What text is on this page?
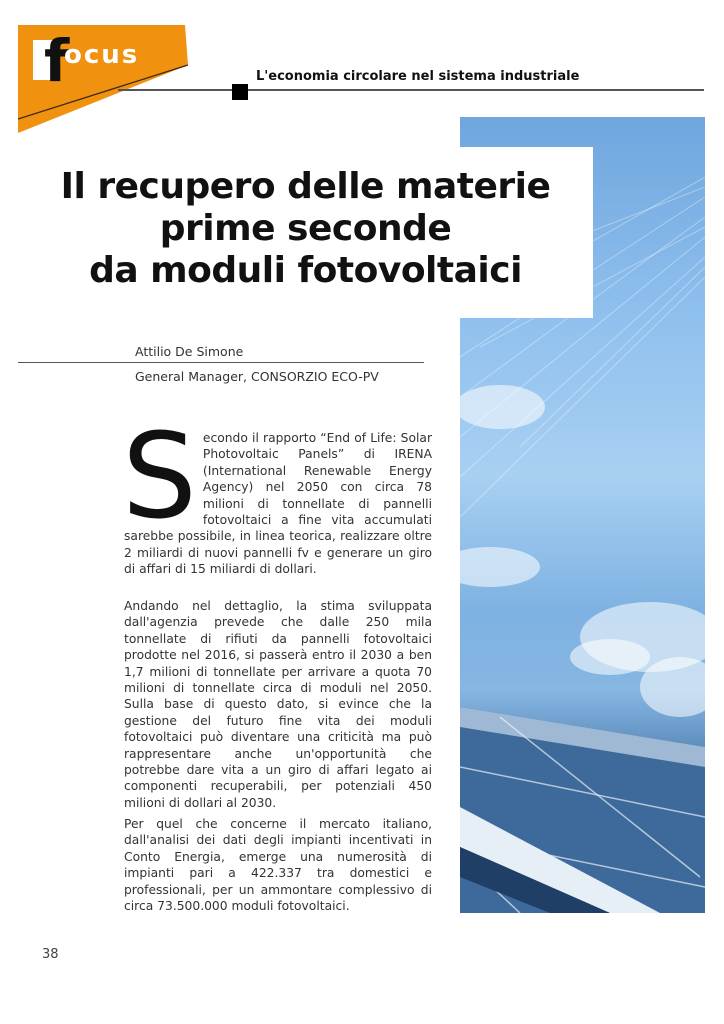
f
ocus
L'economia circolare nel sistema industriale
Il recupero delle materie
prime seconde
da moduli fotovoltaici
Attilio De Simone
General Manager, CONSORZIO ECO-PV
S econdo il rapporto “End of Life: Solar Photovoltaic Panels” di IRENA (International Renewable Energy Agency) nel 2050 con circa 78 milioni di tonnellate di pannelli fotovoltaici a fine vita accumulati sarebbe possibile, in linea teorica, realizzare oltre 2 miliardi di nuovi pannelli fv e generare un giro di affari di 15 miliardi di dollari.
Andando nel dettaglio, la stima sviluppata dall'agenzia prevede che dalle 250 mila tonnellate di rifiuti da pannelli fotovoltaici prodotte nel 2016, si passerà entro il 2030 a ben 1,7 milioni di tonnellate per arrivare a quota 70 milioni di tonnellate circa di moduli nel 2050. Sulla base di questo dato, si evince che la gestione del futuro fine vita dei moduli fotovoltaici può diventare una criticità ma può rappresentare anche un'opportunità che potrebbe dare vita a un giro di affari legato ai componenti recuperabili, per potenziali 450 milioni di dollari al 2030.
Per quel che concerne il mercato italiano, dall'analisi dei dati degli impianti incentivati in Conto Energia, emerge una numerosità di impianti pari a 422.337 tra domestici e professionali, per un ammontare complessivo di circa 73.500.000 moduli fotovoltaici.
38
